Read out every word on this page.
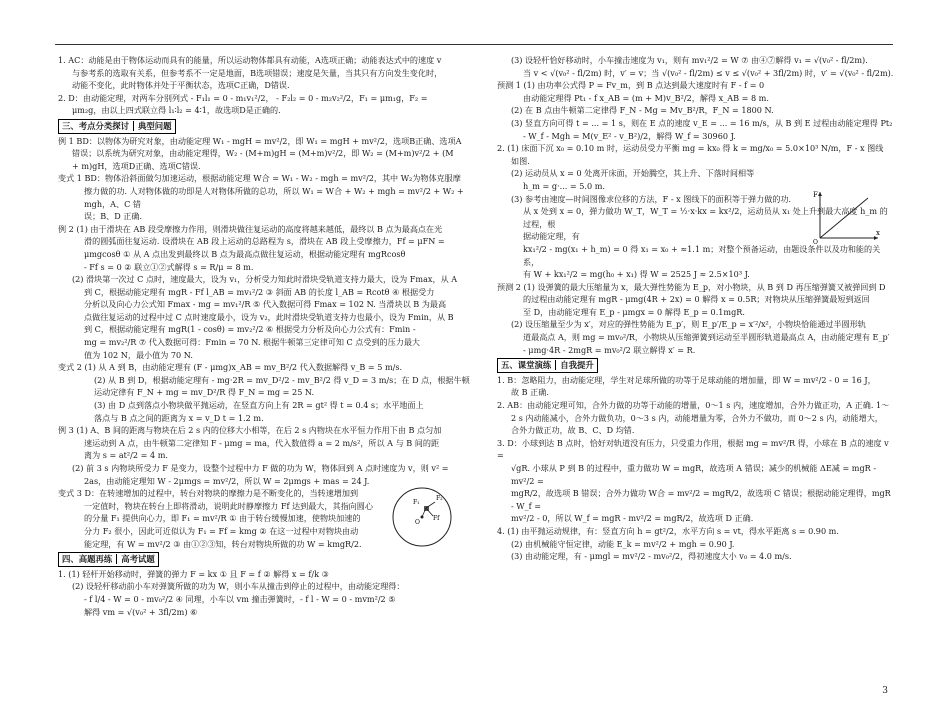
1. AC：动能是由于物体运动而具有的能量，所以运动物体都具有动能，A选项正确；动能表达式中的速度 v
与参考系的选取有关系，但参考系不一定是地面，B选项错误；速度是矢量，当其只有方向发生变化时，
动能不变化，此时物体并处于平衡状态，选项C正确，D错误.
2. D：由动能定理，对两车分别列式 - F₁l₁ = 0 - m₁v₁²/2， - F₂l₂ = 0 - m₂v₂²/2，F₁ = μm₁g，F₂ =
μm₂g，由以上四式联立得 l₁∶l₂ = 4∶1，故选项D是正确的.
三、考点分类探讨 典型问题
例 1 BD：以物体为研究对象，由动能定理 W₁ - mgH = mv²/2，即 W₁ = mgH + mv²/2，选项B正确、选项A
错误；以系统为研究对象，由动能定理得，W₂ - (M+m)gH = (M+m)v²/2，即 W₂ = (M+m)v²/2 + (M
+ m)gH，选项D正确、选项C错误.
变式 1 BD：物体沿斜面做匀加速运动，根据动能定理 W合 = W₁ - W₂ - mgh = mv²/2，其中 W₂为物体克服摩
擦力做的功. 人对物体做的功即是人对物体所做的总功，所以 W₁ = W合 + W₂ + mgh = mv²/2 + W₂ + mgh，A、C 错
误；B、D 正确.
例 2 (1) 由于滑块在 AB 段受摩擦力作用，则滑块做往复运动的高度将越来越低，最终以 B 点为最高点在光
滑的圆弧面往复运动. 设滑块在 AB 段上运动的总路程为 s，滑块在 AB 段上受摩擦力，Ff = μFN =
μmgcosθ ① 从 A 点出发到最终以 B 点为最高点做往复运动，根据动能定理有 mgRcosθ
- Ff s = 0 ② 联立①②式解得 s = R/μ = 8 m.
(2) 滑块第一次过 C 点时，速度最大，设为 v₁，分析受力知此时滑块受轨道支持力最大，设为 Fmax，从 A
到 C，根据动能定理有 mgR - Ff l_AB = mv₁²/2 ③ 斜面 AB 的长度 l_AB = Rcotθ ④ 根据受力
分析以及向心力公式知 Fmax - mg = mv₁²/R ⑤ 代入数据可得 Fmax = 102 N. 当滑块以 B 为最高
点做往复运动的过程中过 C 点时速度最小，设为 v₂，此时滑块受轨道支持力也最小，设为 Fmin，从 B
到 C，根据动能定理有 mgR(1 - cosθ) = mv₂²/2 ⑥ 根据受力分析及向心力公式有：Fmin -
mg = mv₂²/R ⑦ 代入数据可得：Fmin = 70 N. 根据牛顿第三定律可知 C 点受到的压力最大
值为 102 N，最小值为 70 N.
变式 2 (1) 从 A 到 B，由动能定理有 (F - μmg)x_AB = mv_B²/2 代入数据解得 v_B = 5 m/s.
(2) 从 B 到 D，根据动能定理有 - mg·2R = mv_D²/2 - mv_B²/2 得 v_D = 3 m/s；在 D 点，根据牛顿
运动定律有 F_N + mg = mv_D²/R 得 F_N = mg = 25 N.
(3) 由 D 点到落点小物块做平抛运动，在竖直方向上有 2R = gt² 得 t = 0.4 s；水平地面上
落点与 B 点之间的距离为 x = v_D t = 1.2 m.
例 3 (1) A、B 间的距离与物块在后 2 s 内的位移大小相等，在后 2 s 内物块在水平恒力作用下由 B 点匀加
速运动到 A 点，由牛顿第二定律知 F - μmg = ma，代入数值得 a = 2 m/s²，所以 A 与 B 间的距
离为 s = at²/2 = 4 m.
(2) 前 3 s 内物块所受力 F 是变力，设整个过程中力 F 做的功为 W，物体回到 A 点时速度为 v，则 v² =
2as，由动能定理知 W - 2μmgs = mv²/2，所以 W = 2μmgs + mas = 24 J.
变式 3 D：在转速增加的过程中，转台对物块的摩擦力是不断变化的，当转速增加到
一定值时，物块在转台上即将滑动，说明此时静摩擦力 Ff 达到最大，其指向圆心
的分量 F₁ 提供向心力，即 F₁ = mv²/R ① 由于转台缓慢加速，使物块加速的
分力 F₂ 很小，因此可近似认为 F₁ = Ff = kmg ② 在这一过程中对物块由动
能定理，有 W = mv²/2 ③ 由①②③知，转台对物块所做的功 W = kmgR/2.
四、高题再练 高考试题
1. (1) 轻杆开始移动时，弹簧的弹力 F = kx ① 且 F = f ② 解得 x = f/k ③
(2) 设轻杆移动前小车对弹簧所做的功为 W，则小车从撞击到停止的过程中，由动能定理得：
- f l/4 - W = 0 - mv₀²/2 ④ 同理，小车以 vm 撞击弹簧时，- f l - W = 0 - mvm²/2 ⑤
解得 vm = √(v₀² + 3fl/2m) ⑥
(3) 设轻杆恰好移动时，小车撞击速度为 v₁，则有 mv₁²/2 = W ⑦ 由④⑦解得 v₁ = √(v₀² - fl/2m).
当 v < √(v₀² - fl/2m) 时，v′ = v；当 √(v₀² - fl/2m) ≤ v ≤ √(v₀² + 3fl/2m) 时，v′ = √(v₀² - fl/2m).
预测 1 (1) 由功率公式得 P = Fv_m，到 B 点达到最大速度时有 F - f = 0
由动能定理得 Pt₁ - f x_AB = (m + M)v_B²/2，解得 x_AB = 8 m.
(2) 在 B 点由牛顿第二定律得 F_N - Mg = Mv_B²/R，F_N = 1800 N.
(3) 竖直方向可得 t = ... = 1 s，则在 E 点的速度 v_E = ... = 16 m/s，从 B 到 E 过程由动能定理得 Pt₂
- W_f - Mgh = M(v_E² - v_B²)/2，解得 W_f = 30960 J.
2. (1) 床面下沉 x₀ = 0.10 m 时，运动员受力平衡 mg = kx₀ 得 k = mg/x₀ = 5.0×10³ N/m，F - x 图线
如图.
(2) 运动员从 x = 0 处离开床面，开始腾空，其上升、下落时间相等
h_m = g·... = 5.0 m.
(3) 参考由速度—时间图像求位移的方法，F - x 图线下的面积等于弹力做的功.
从 x 处到 x = 0，弹力做功 W_T，W_T = ½·x·kx = kx²/2，运动员从 x₁ 处上升到最大高度 h_m 的过程，根
据动能定理，有
kx₁²/2 - mg(x₁ + h_m) = 0 得 x₁ = x₀ + ≈1.1 m；对整个预备运动，由题设条件以及功和能的关系，
有 W + kx₁²/2 = mg(h₀ + x₁) 得 W = 2525 J ≈ 2.5×10³ J.
预测 2 (1) 设弹簧的最大压缩量为 x，最大弹性势能为 E_p，对小物块，从 B 到 D 再压缩弹簧又被弹回到 D
的过程由动能定理有 mgR - μmg(4R + 2x) = 0 解得 x = 0.5R；对物块从压缩弹簧最短到返回
至 D，由动能定理有 E_p - μmgx = 0 解得 E_p = 0.1mgR.
(2) 设压缩量至少为 x′，对应的弹性势能为 E_p′，则 E_p′/E_p = x′²/x²，小物块恰能通过半圆形轨
道最高点 A，则 mg = mv₀²/R，小物块从压缩弹簧到运动至半圆形轨道最高点 A，由动能定理有 E_p′
- μmg·4R - 2mgR = mv₀²/2 联立解得 x′ = R.
五、课堂演练 自我提升
1. B：忽略阻力，由动能定理，学生对足球所做的功等于足球动能的增加量，即 W = mv²/2 - 0 = 16 J，
故 B 正确.
2. AB：由动能定理可知，合外力做的功等于动能的增量，0～1 s 内，速度增加，合外力做正功，A 正确. 1～
2 s 内动能减小，合外力做负功，0～3 s 内，动能增量为零，合外力不做功，而 0～2 s 内，动能增大，
合外力做正功，故 B、C、D 均错.
3. D：小球到达 B 点时，恰好对轨道没有压力，只受重力作用，根据 mg = mv²/R 得，小球在 B 点的速度 v =
√gR. 小球从 P 到 B 的过程中，重力做功 W = mgR，故选项 A 错误；减少的机械能 ΔE减 = mgR - mv²/2 =
mgR/2，故选项 B 错误；合外力做功 W合 = mv²/2 = mgR/2，故选项 C 错误；根据动能定理得，mgR - W_f =
mv²/2 - 0，所以 W_f = mgR - mv²/2 = mgR/2，故选项 D 正确.
4. (1) 由平抛运动规律，有：竖直方向 h = gt²/2，水平方向 s = vt，得水平距离 s = 0.90 m.
(2) 由机械能守恒定律，动能 E_k = mv²/2 + mgh = 0.90 J.
(3) 由动能定理，有 - μmgl = mv²/2 - mv₀²/2，得初速度大小 v₀ = 4.0 m/s.
F
x
O
F₁
F₂
Ff
O
3
